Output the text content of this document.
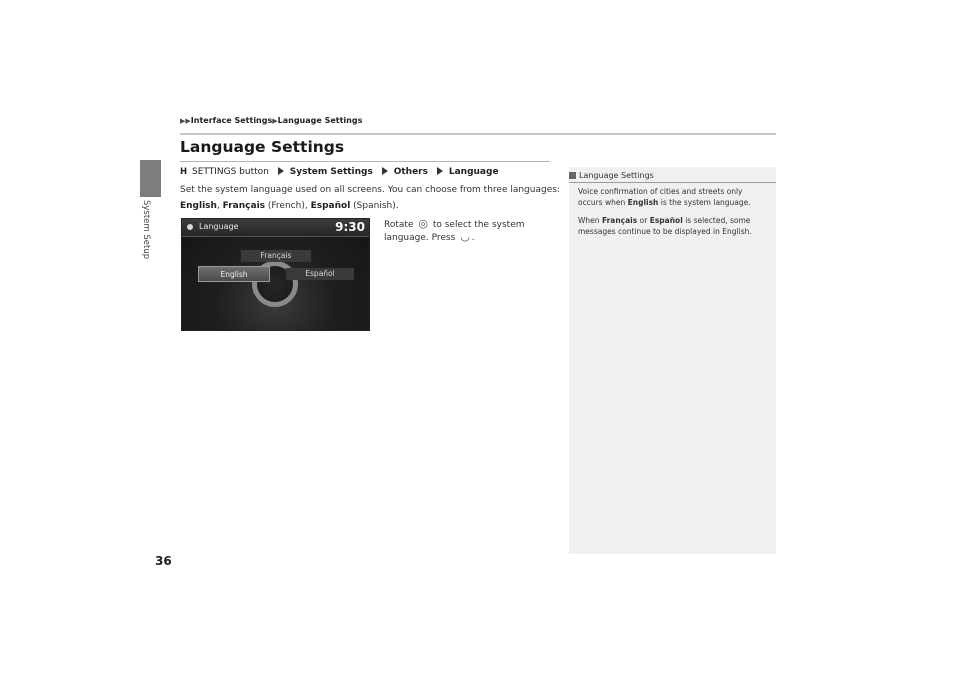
System Setup
▶▶Interface Settings▶Language Settings
Language Settings
H SETTINGS button System Settings Others Language
Set the system language used on all screens. You can choose from three languages:
English, Français (French), Español (Spanish).
Rotate ◎ to select the system
language. Press ◡ .
Language	9:30
Français
English	Español
Language Settings
Voice confirmation of cities and streets only
occurs when English is the system language.
When Français or Español is selected, some
messages continue to be displayed in English.
36
